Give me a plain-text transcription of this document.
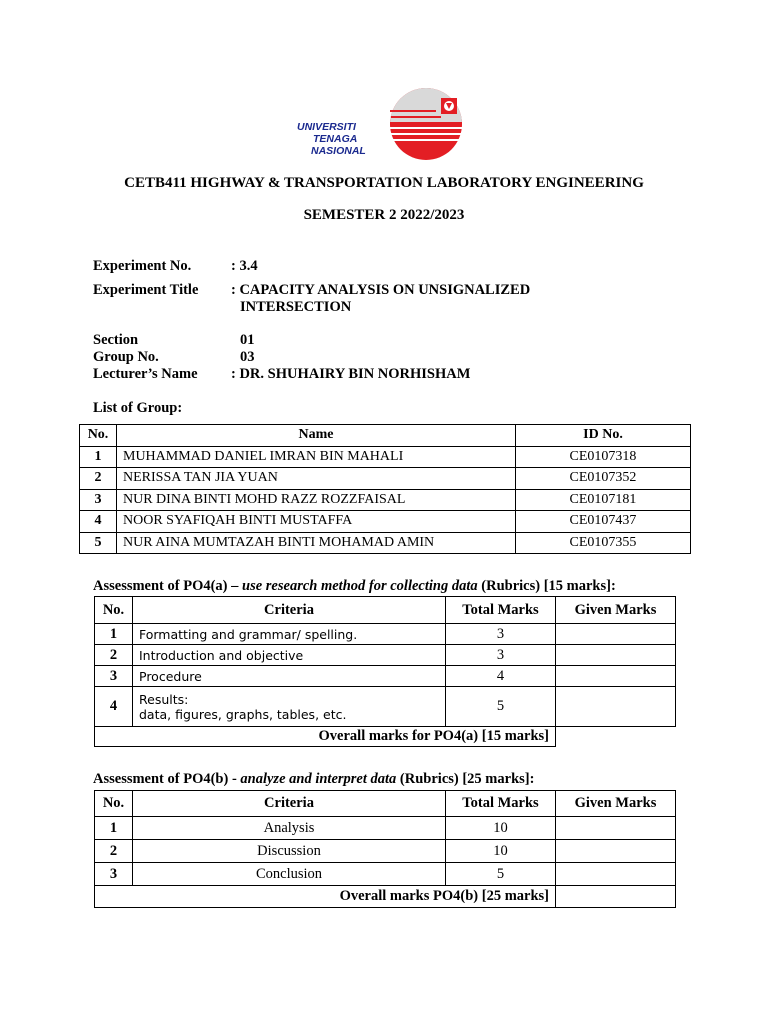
UNIVERSITI
TENAGA
NASIONAL
CETB411 HIGHWAY & TRANSPORTATION LABORATORY ENGINEERING
SEMESTER 2 2022/2023
Experiment No.	: 3.4
Experiment Title : CAPACITY ANALYSIS ON UNSIGNALIZED
INTERSECTION
Section	01
Group No.	03
Lecturer’s Name : DR. SHUHAIRY BIN NORHISHAM
List of Group:
No.	Name	ID No.
1	MUHAMMAD DANIEL IMRAN BIN MAHALI	CE0107318
2	NERISSA TAN JIA YUAN	CE0107352
3	NUR DINA BINTI MOHD RAZZ ROZZFAISAL	CE0107181
4	NOOR SYAFIQAH BINTI MUSTAFFA	CE0107437
5	NUR AINA MUMTAZAH BINTI MOHAMAD AMIN	CE0107355
Assessment of PO4(a) – use research method for collecting data (Rubrics) [15 marks]:
No.	Criteria	Total Marks	Given Marks
1	Formatting and grammar/ spelling.	3	
2	Introduction and objective	3	
3	Procedure	4	
4	Results:
data, figures, graphs, tables, etc.	5	
Overall marks for PO4(a) [15 marks]			
Assessment of PO4(b) - analyze and interpret data (Rubrics) [25 marks]:
No.	Criteria	Total Marks	Given Marks
1	Analysis	10	
2	Discussion	10	
3	Conclusion	5	
Overall marks PO4(b) [25 marks]			
